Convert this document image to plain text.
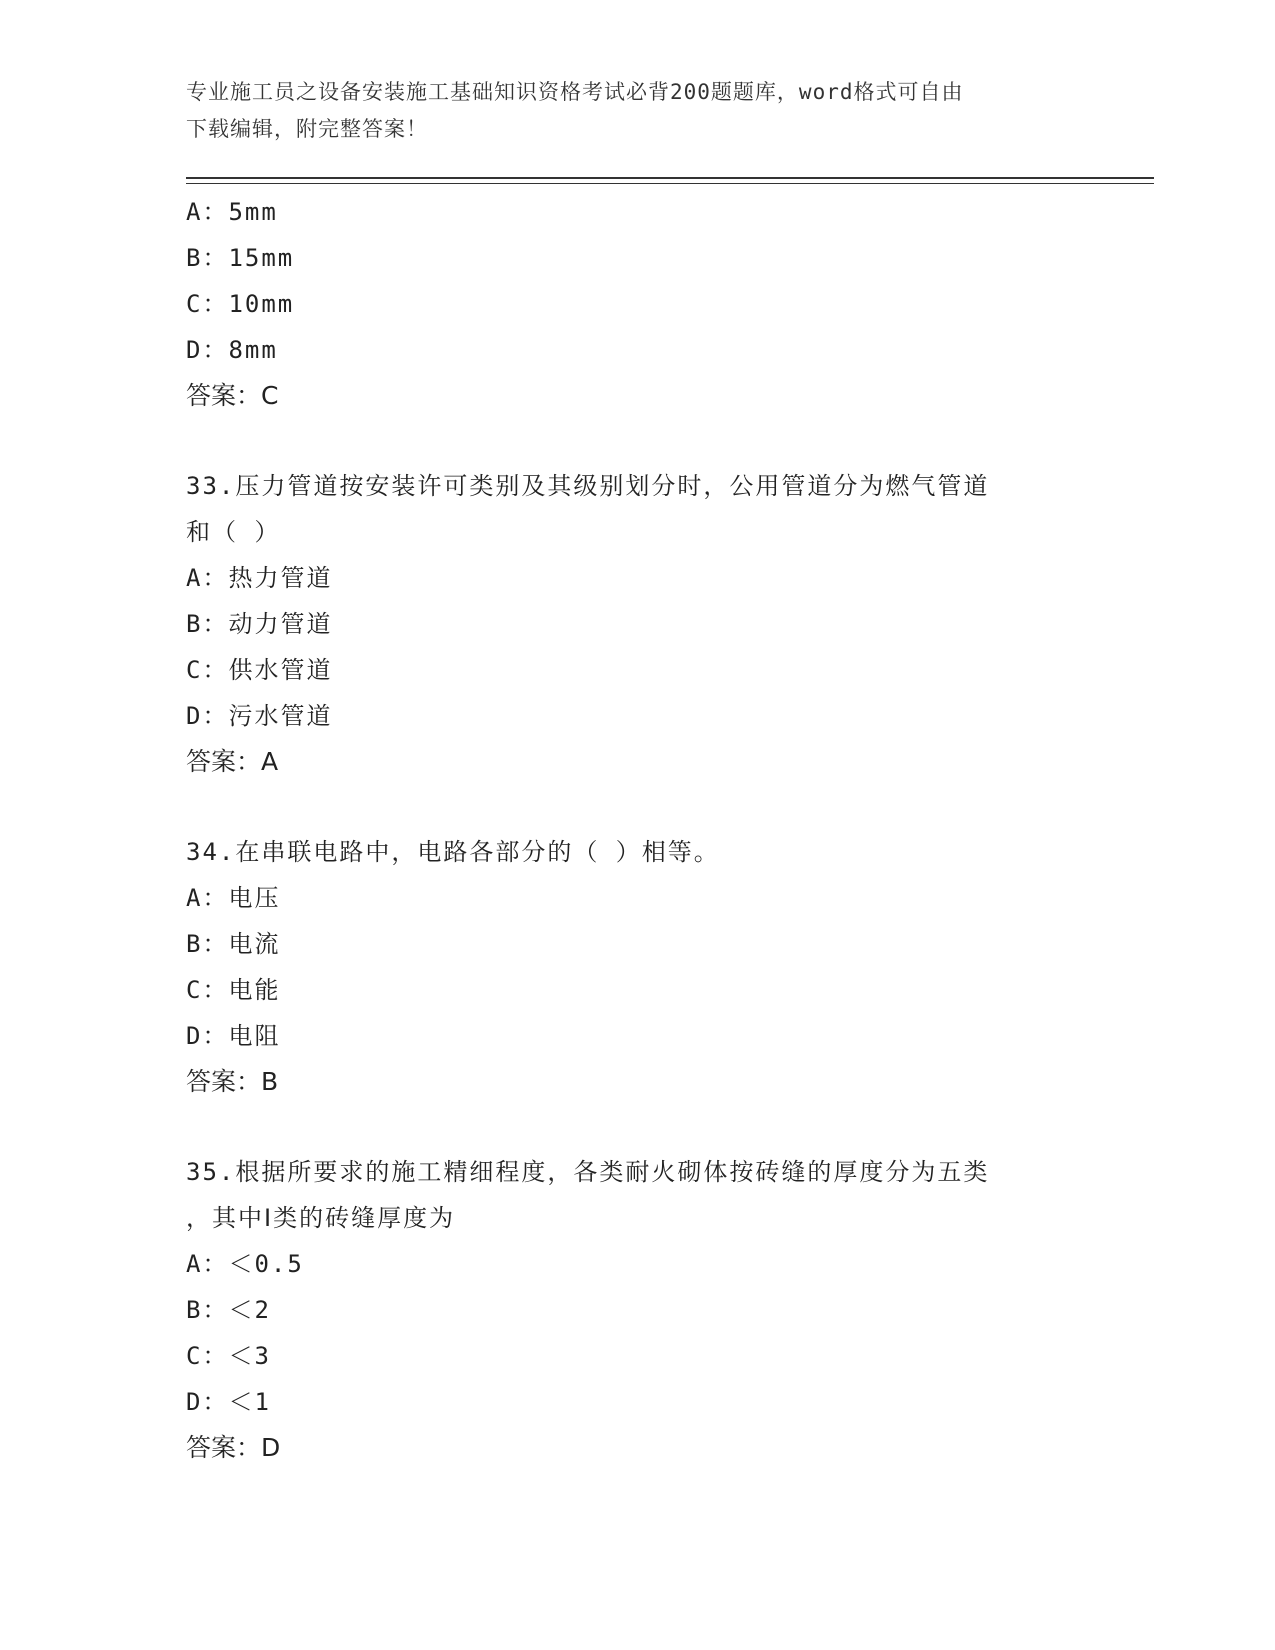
专业施工员之设备安装施工基础知识资格考试必背200题题库，word格式可自由
下载编辑，附完整答案！
A：5mm
B：15mm
C：10mm
D：8mm
答案：C
33.压力管道按安装许可类别及其级别划分时，公用管道分为燃气管道
和（ ）
A：热力管道
B：动力管道
C：供水管道
D：污水管道
答案：A
34.在串联电路中，电路各部分的（ ）相等。
A：电压
B：电流
C：电能
D：电阻
答案：B
35.根据所要求的施工精细程度，各类耐火砌体按砖缝的厚度分为五类
，其中Ⅰ类的砖缝厚度为
A：＜0.5
B：＜2
C：＜3
D：＜1
答案：D
